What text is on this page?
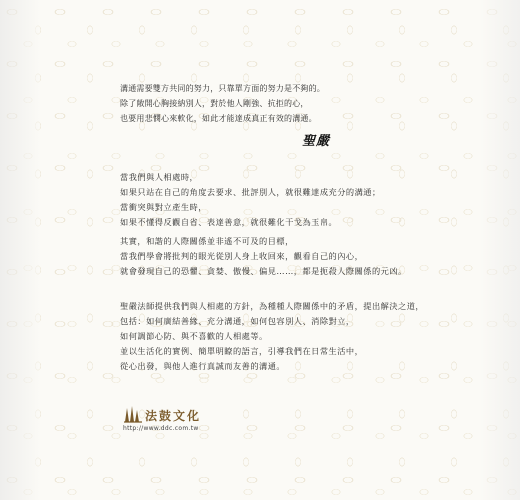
溝通需要雙方共同的努力，只靠單方面的努力是不夠的。
除了敞開心胸接納別人，對於他人剛強、抗拒的心，
也要用悲憫心來軟化，如此才能達成真正有效的溝通。
聖嚴
當我們與人相處時，
如果只站在自己的角度去要求、批評別人，就很難達成充分的溝通；
當衝突與對立產生時，
如果不懂得反觀自省、表達善意，就很難化干戈為玉帛。
其實，和諧的人際關係並非遙不可及的目標，
當我們學會將批判的眼光從別人身上收回來，觀看自己的內心，
就會發現自己的恐懼、貪婪、傲慢、偏見……，都是扼殺人際關係的元凶。
聖嚴法師提供我們與人相處的方針，為種種人際關係中的矛盾，提出解決之道，
包括：如何廣結善緣、充分溝通，如何包容別人、消除對立，
如何調節心防、與不喜歡的人相處等。
並以生活化的實例、簡單明瞭的語言，引導我們在日常生活中，
從心出發，與他人進行真誠而友善的溝通。
法鼓文化
http://www.ddc.com.tw
